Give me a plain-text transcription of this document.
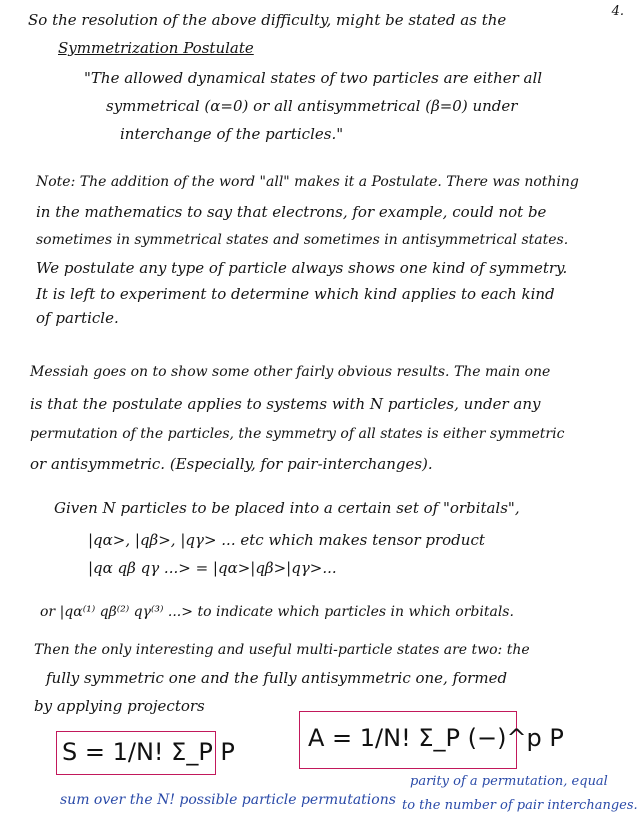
4.
So the resolution of the above difficulty, might be stated as the
Symmetrization Postulate
"The allowed dynamical states of two particles are either all
symmetrical (α=0) or all antisymmetrical (β=0) under
interchange of the particles."
Note: The addition of the word "all" makes it a Postulate. There was nothing
in the mathematics to say that electrons, for example, could not be
sometimes in symmetrical states and sometimes in antisymmetrical states.
We postulate any type of particle always shows one kind of symmetry.
It is left to experiment to determine which kind applies to each kind
of particle.
Messiah goes on to show some other fairly obvious results. The main one
is that the postulate applies to systems with N particles, under any
permutation of the particles, the symmetry of all states is either symmetric
or antisymmetric. (Especially, for pair-interchanges).
Given N particles to be placed into a certain set of "orbitals",
|qα>, |qβ>, |qγ> ... etc which makes tensor product
|qα qβ qγ ...> = |qα>|qβ>|qγ>...
or |qα⁽¹⁾ qβ⁽²⁾ qγ⁽³⁾ ...> to indicate which particles in which orbitals.
Then the only interesting and useful multi-particle states are two: the
fully symmetric one and the fully antisymmetric one, formed
by applying projectors
S = 1/N! Σ_P P	A = 1/N! Σ_P (−)^p P
sum over the N! possible particle permutations
parity of a permutation, equal
to the number of pair interchanges.
